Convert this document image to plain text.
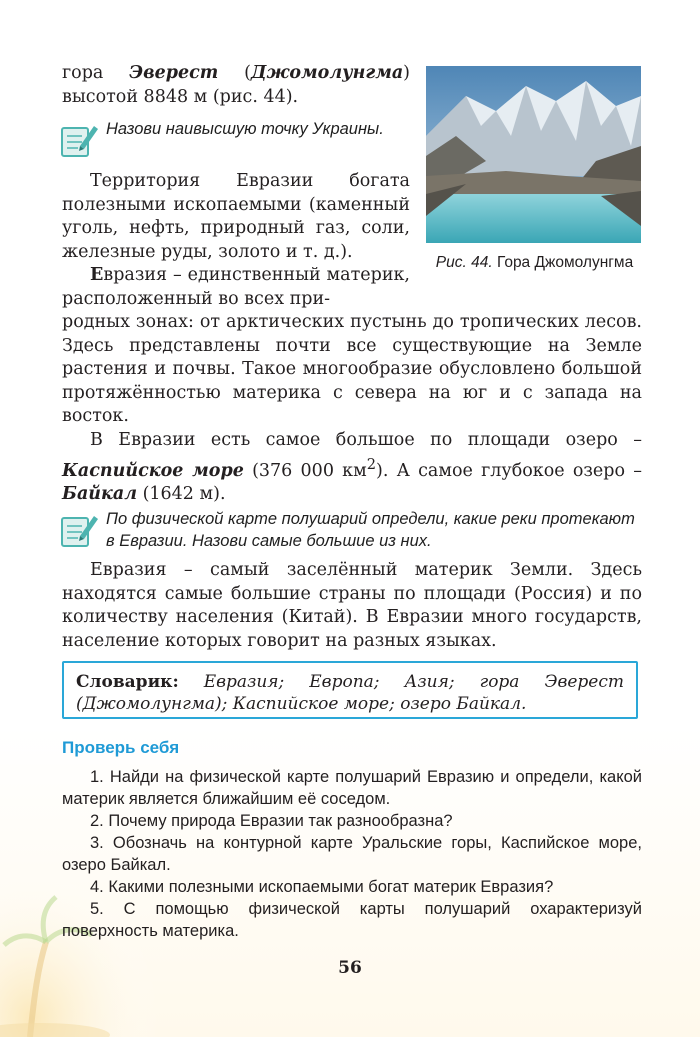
гора Эверест (Джомолунгма) высотой 8848 м (рис. 44).
Назови наивысшую точку Украины.
Территория Евразии богата полезными ископаемыми (каменный уголь, нефть, природный газ, соли, железные руды, золото и т. д.).
Евразия – единственный материк, расположенный во всех при-
родных зонах: от арктических пустынь до тропических лесов. Здесь представлены почти все существующие на Земле растения и почвы. Такое многообразие обусловлено большой протяжённостью материка с севера на юг и с запада на восток.
Рис. 44. Гора Джомолунгма
В Евразии есть самое большое по площади озеро – Каспийское море (376 000 $км^2$). А самое глубокое озеро – Байкал (1642 м).
По физической карте полушарий определи, какие реки протекают в Евразии. Назови самые большие из них.
Евразия – самый заселённый материк Земли. Здесь находятся самые большие страны по площади (Россия) и по количеству населения (Китай). В Евразии много государств, население которых говорит на разных языках.
Словарик: Евразия; Европа; Азия; гора Эверест (Джомолунгма); Каспийское море; озеро Байкал.
Проверь себя
1. Найди на физической карте полушарий Евразию и определи, какой материк является ближайшим её соседом.
2. Почему природа Евразии так разнообразна?
3. Обозначь на контурной карте Уральские горы, Каспийское море, озеро Байкал.
4. Какими полезными ископаемыми богат материк Евразия?
5. С помощью физической карты полушарий охарактеризуй поверхность материка.
56
